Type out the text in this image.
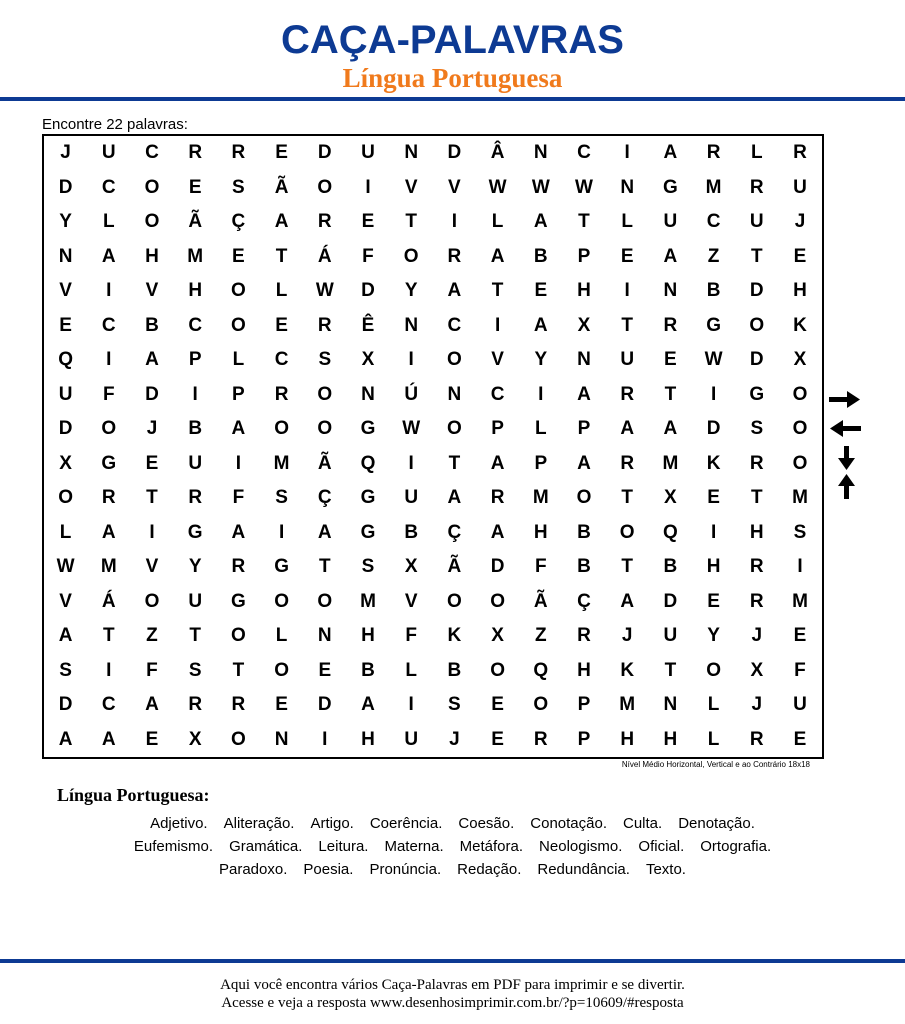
CAÇA-PALAVRAS
Língua Portuguesa
Encontre 22 palavras:
J	U	C	R	R	E	D	U	N	D	Â	N	C	I	A	R	L	R
D	C	O	E	S	Ã	O	I	V	V	W	W	W	N	G	M	R	U
Y	L	O	Ã	Ç	A	R	E	T	I	L	A	T	L	U	C	U	J
N	A	H	M	E	T	Á	F	O	R	A	B	P	E	A	Z	T	E
V	I	V	H	O	L	W	D	Y	A	T	E	H	I	N	B	D	H
E	C	B	C	O	E	R	Ê	N	C	I	A	X	T	R	G	O	K
Q	I	A	P	L	C	S	X	I	O	V	Y	N	U	E	W	D	X
U	F	D	I	P	R	O	N	Ú	N	C	I	A	R	T	I	G	O
D	O	J	B	A	O	O	G	W	O	P	L	P	A	A	D	S	O
X	G	E	U	I	M	Ã	Q	I	T	A	P	A	R	M	K	R	O
O	R	T	R	F	S	Ç	G	U	A	R	M	O	T	X	E	T	M
L	A	I	G	A	I	A	G	B	Ç	A	H	B	O	Q	I	H	S
W	M	V	Y	R	G	T	S	X	Ã	D	F	B	T	B	H	R	I
V	Á	O	U	G	O	O	M	V	O	O	Ã	Ç	A	D	E	R	M
A	T	Z	T	O	L	N	H	F	K	X	Z	R	J	U	Y	J	E
S	I	F	S	T	O	E	B	L	B	O	Q	H	K	T	O	X	F
D	C	A	R	R	E	D	A	I	S	E	O	P	M	N	L	J	U
A	A	E	X	O	N	I	H	U	J	E	R	P	H	H	L	R	E
Nível Médio Horizontal, Vertical e ao Contrário 18x18
Língua Portuguesa:
Adjetivo. Aliteração. Artigo. Coerência. Coesão. Conotação. Culta. Denotação.
Eufemismo. Gramática. Leitura. Materna. Metáfora. Neologismo. Oficial. Ortografia.
Paradoxo. Poesia. Pronúncia. Redação. Redundância. Texto.
Aqui você encontra vários Caça-Palavras em PDF para imprimir e se divertir.
Acesse e veja a resposta www.desenhosimprimir.com.br/?p=10609/#resposta
